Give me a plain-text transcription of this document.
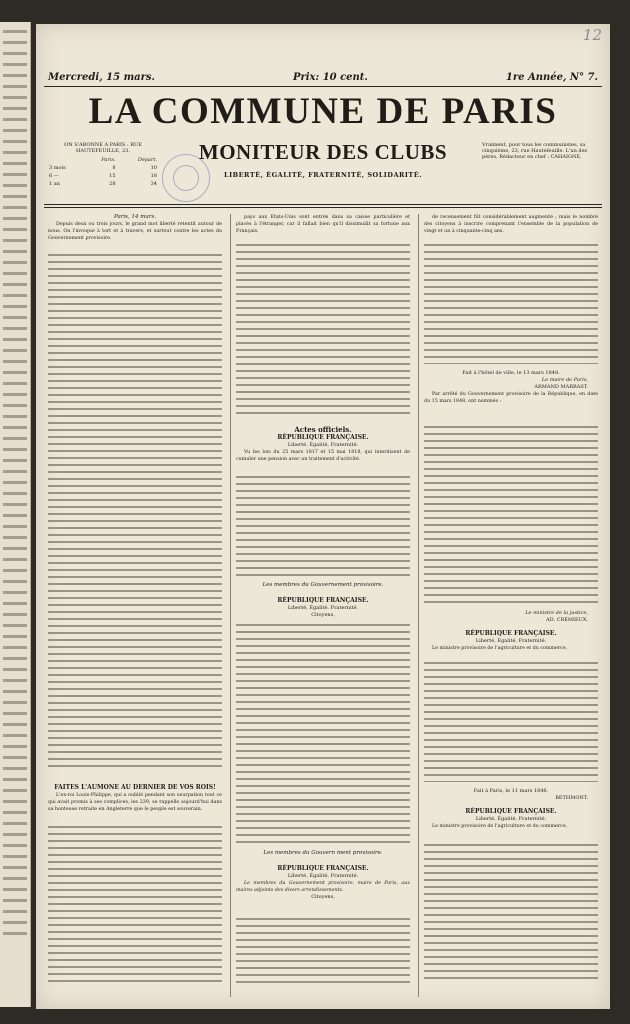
12
Mercredi, 15 mars.	Prix: 10 cent.	1re Année, N° 7.
LA COMMUNE DE PARIS
ON S'ABONNE A PARIS : RUE HAUTEFEUILLE, 23.
	Paris.	Départ.
3 mois	8	10
6 —	15	18
1 an	28	34
MONITEUR DES CLUBS
LIBERTÉ, ÉGALITÉ, FRATERNITÉ, SOLIDARITÉ.
Vraiment, pour tous les communistes, sa cinquième, 23, rue Hautefeuille. L'un des pères, Rédacteur en chef : CAHAIGNE.
Paris, 14 mars.

Depuis deux ou trois jours, le grand mot liberté retentit autour de nous. On l'invoque à tort et à travers, et surtout contre les actes du Gouvernement provisoire.

FAITES L'AUMONE AU DERNIER DE VOS ROIS!

L'ex-roi Louis-Philippe, qui a oublié pendant son usurpation tout ce qui avait promis à ses complices, les 239, se rappelle aujourd'hui dans sa honteuse retraite en Angleterre que le peuple est souverain.

pays aux États-Unis sont entrés dans sa caisse particulière et placés à l'étranger, car il fallait bien qu'il dissimulât sa fortune aux Français.

Actes officiels.
RÉPUBLIQUE FRANÇAISE.
Liberté, Égalité, Fraternité.

Vu les lois du 25 mars 1817 et 15 mai 1818, qui interdisent de cumuler une pension avec un traitement d'activité.

Les membres du Gouvernement provisoire.
RÉPUBLIQUE FRANÇAISE.
Liberté, Égalité, Fraternité.
Citoyens,
Les membres du Gouvern ment provisoire.
RÉPUBLIQUE FRANÇAISE.
Liberté, Égalité, Fraternité.

Le membres du Gouvernement provisoire, maire de Paris, aux maires adjoints des divers arrondissements.

Citoyens,

de recensement fût considérablement augmenté ; mais le nombre des citoyens à inscrire comprenant l'ensemble de la population de vingt et un à cinquante-cinq ans.

Fait à l'hôtel de ville, le 13 mars 1848.
Le maire de Paris,
ARMAND MARRAST.

Par arrêté du Gouvernement provisoire de la République, en date du 15 mars 1848, ont nommés :

Le ministre de la justice,
AD. CRÉMIEUX.
RÉPUBLIQUE FRANÇAISE.
Liberté, Égalité, Fraternité.

Le ministre provisoire de l'agriculture et du commerce,

Fait à Paris, le 11 mars 1848.
BETHMONT.
RÉPUBLIQUE FRANÇAISE.
Liberté, Égalité, Fraternité.

Le ministre provisoire de l'agriculture et du commerce,
